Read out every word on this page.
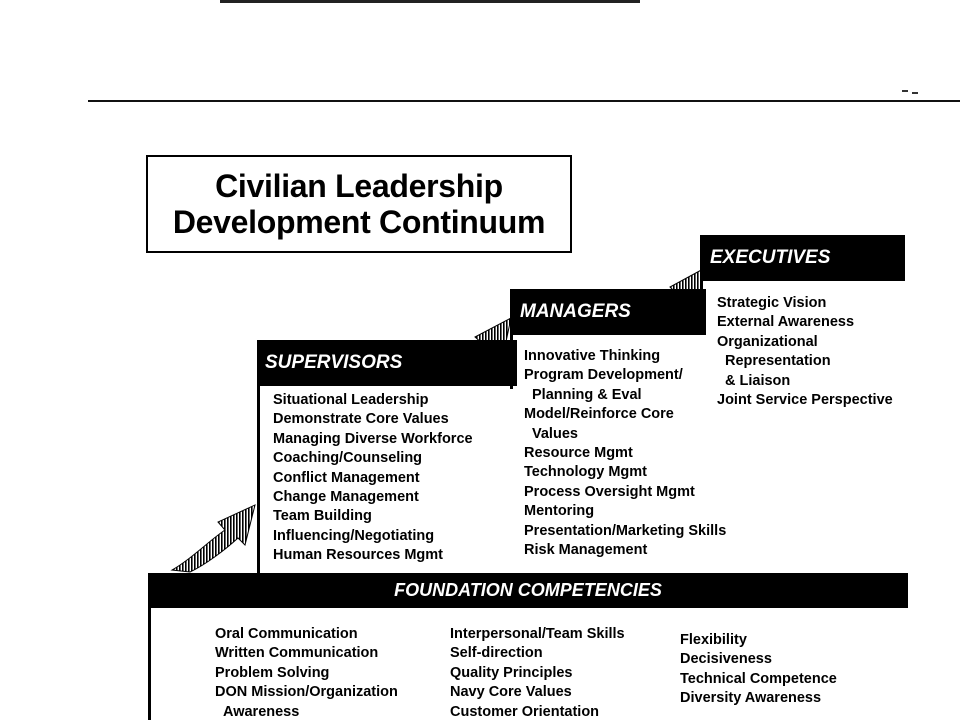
Civilian Leadership
Development Continuum
EXECUTIVES
Strategic Vision
External Awareness
Organizational
Representation
& Liaison
Joint Service Perspective
MANAGERS
Innovative Thinking
Program Development/
Planning & Eval
Model/Reinforce Core
Values
Resource Mgmt
Technology Mgmt
Process Oversight Mgmt
Mentoring
Presentation/Marketing Skills
Risk Management
SUPERVISORS
Situational Leadership
Demonstrate Core Values
Managing Diverse Workforce
Coaching/Counseling
Conflict Management
Change Management
Team Building
Influencing/Negotiating
Human Resources Mgmt
FOUNDATION COMPETENCIES
Oral Communication
Written Communication
Problem Solving
DON Mission/Organization
Awareness
Interpersonal/Team Skills
Self-direction
Quality Principles
Navy Core Values
Customer Orientation
Flexibility
Decisiveness
Technical Competence
Diversity Awareness
